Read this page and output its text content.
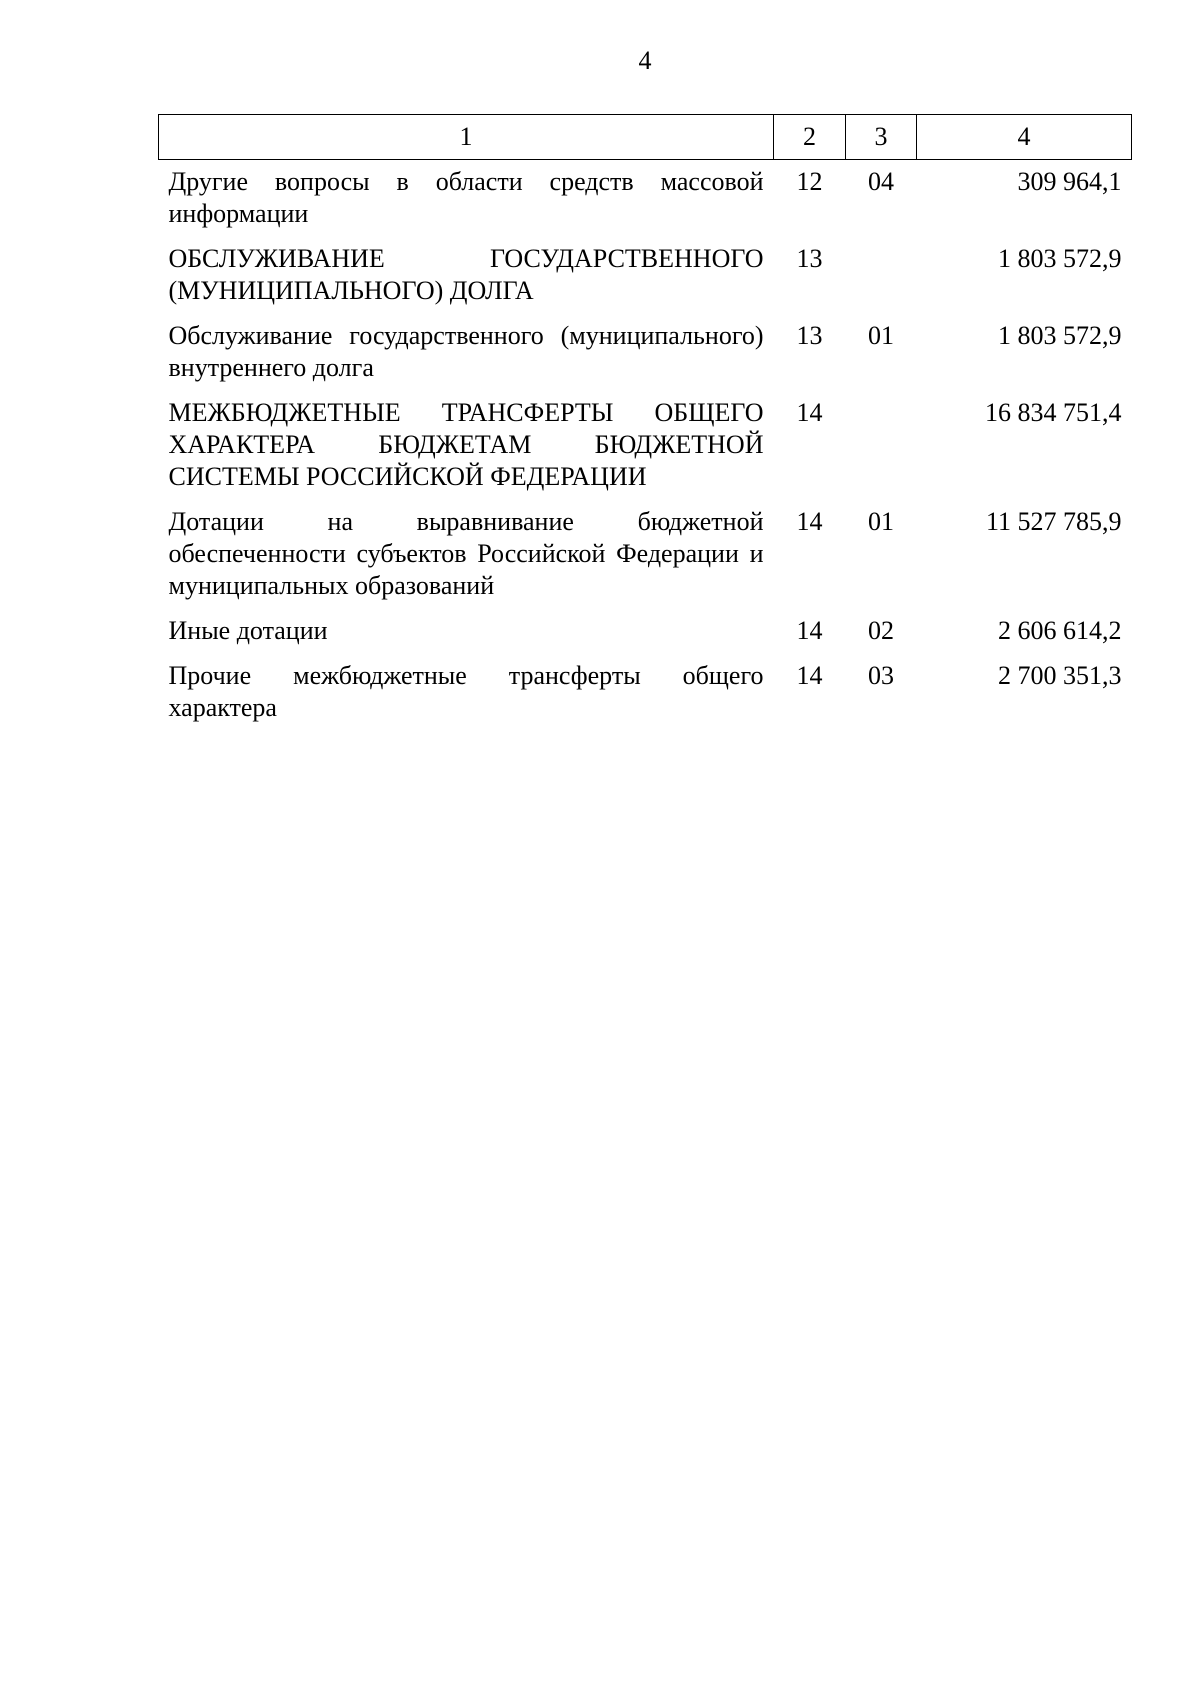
4
1	2	3	4
Другие вопросы в области средств массовой информации	12	04	309 964,1
ОБСЛУЖИВАНИЕ ГОСУДАРСТВЕННОГО (МУНИЦИПАЛЬНОГО) ДОЛГА	13		1 803 572,9
Обслуживание государственного (муниципального) внутреннего долга	13	01	1 803 572,9
МЕЖБЮДЖЕТНЫЕ ТРАНСФЕРТЫ ОБЩЕГО ХАРАКТЕРА БЮДЖЕТАМ БЮДЖЕТНОЙ СИСТЕМЫ РОССИЙСКОЙ ФЕДЕРАЦИИ	14		16 834 751,4
Дотации на выравнивание бюджетной обеспеченности субъектов Российской Федерации и муниципальных образований	14	01	11 527 785,9
Иные дотации	14	02	2 606 614,2
Прочие межбюджетные трансферты общего характера	14	03	2 700 351,3
